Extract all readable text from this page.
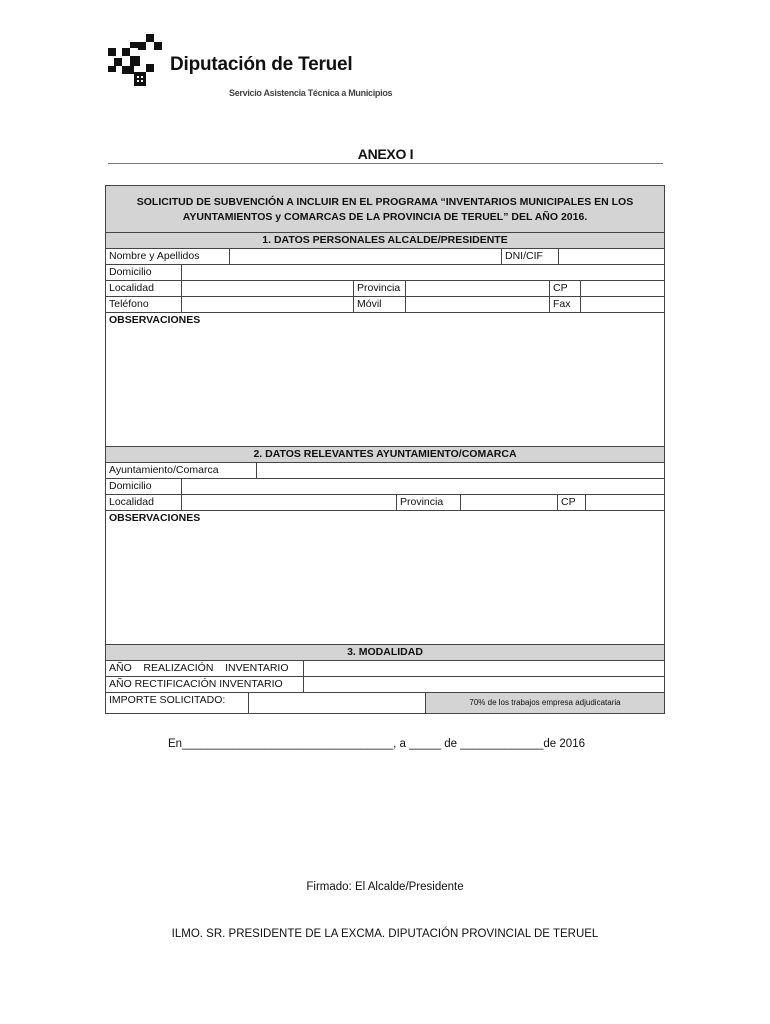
Diputación de Teruel
Servicio Asistencia Técnica a Municipios
ANEXO I
SOLICITUD DE SUBVENCIÓN A INCLUIR EN EL PROGRAMA “INVENTARIOS MUNICIPALES EN LOS
AYUNTAMIENTOS y COMARCAS DE LA PROVINCIA DE TERUEL” DEL AÑO 2016.
1. DATOS PERSONALES ALCALDE/PRESIDENTE
Nombre y Apellidos	DNI/CIF
Domicilio
Localidad	Provincia	CP
Teléfono	Móvil	Fax
OBSERVACIONES
2. DATOS RELEVANTES AYUNTAMIENTO/COMARCA
Ayuntamiento/Comarca
Domicilio
Localidad	Provincia	CP
OBSERVACIONES
3. MODALIDAD
AÑO    REALIZACIÓN    INVENTARIO
AÑO RECTIFICACIÓN INVENTARIO
IMPORTE SOLICITADO:	70% de los trabajos empresa adjudicataria
En_________________________________, a _____ de _____________de 2016
Firmado: El Alcalde/Presidente
ILMO. SR. PRESIDENTE DE LA EXCMA. DIPUTACIÓN PROVINCIAL DE TERUEL
